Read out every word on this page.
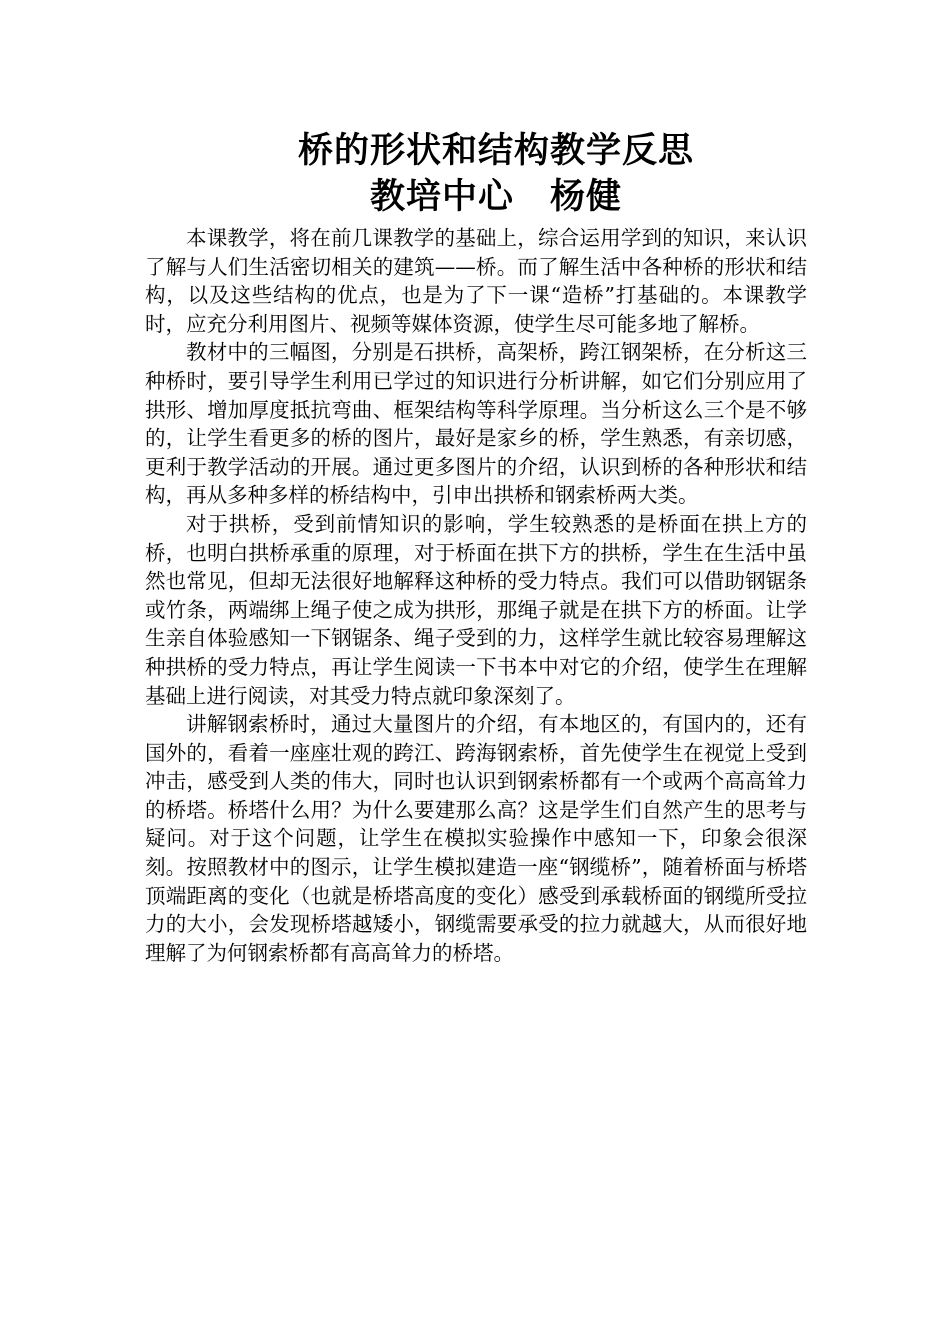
桥的形状和结构教学反思
教培中心　杨健

本课教学，将在前几课教学的基础上，综合运用学到的知识，来认识了解与人们生活密切相关的建筑——桥。而了解生活中各种桥的形状和结构，以及这些结构的优点，也是为了下一课“造桥”打基础的。本课教学时，应充分利用图片、视频等媒体资源，使学生尽可能多地了解桥。

教材中的三幅图，分别是石拱桥，高架桥，跨江钢架桥，在分析这三种桥时，要引导学生利用已学过的知识进行分析讲解，如它们分别应用了拱形、增加厚度抵抗弯曲、框架结构等科学原理。当分析这么三个是不够的，让学生看更多的桥的图片，最好是家乡的桥，学生熟悉，有亲切感，更利于教学活动的开展。通过更多图片的介绍，认识到桥的各种形状和结构，再从多种多样的桥结构中，引申出拱桥和钢索桥两大类。

对于拱桥，受到前情知识的影响，学生较熟悉的是桥面在拱上方的桥，也明白拱桥承重的原理，对于桥面在拱下方的拱桥，学生在生活中虽然也常见，但却无法很好地解释这种桥的受力特点。我们可以借助钢锯条或竹条，两端绑上绳子使之成为拱形，那绳子就是在拱下方的桥面。让学生亲自体验感知一下钢锯条、绳子受到的力，这样学生就比较容易理解这种拱桥的受力特点，再让学生阅读一下书本中对它的介绍，使学生在理解基础上进行阅读，对其受力特点就印象深刻了。

讲解钢索桥时，通过大量图片的介绍，有本地区的，有国内的，还有国外的，看着一座座壮观的跨江、跨海钢索桥，首先使学生在视觉上受到冲击，感受到人类的伟大，同时也认识到钢索桥都有一个或两个高高耸力的桥塔。桥塔什么用？为什么要建那么高？这是学生们自然产生的思考与疑问。对于这个问题，让学生在模拟实验操作中感知一下，印象会很深刻。按照教材中的图示，让学生模拟建造一座“钢缆桥”，随着桥面与桥塔顶端距离的变化（也就是桥塔高度的变化）感受到承载桥面的钢缆所受拉力的大小，会发现桥塔越矮小，钢缆需要承受的拉力就越大，从而很好地理解了为何钢索桥都有高高耸力的桥塔。
